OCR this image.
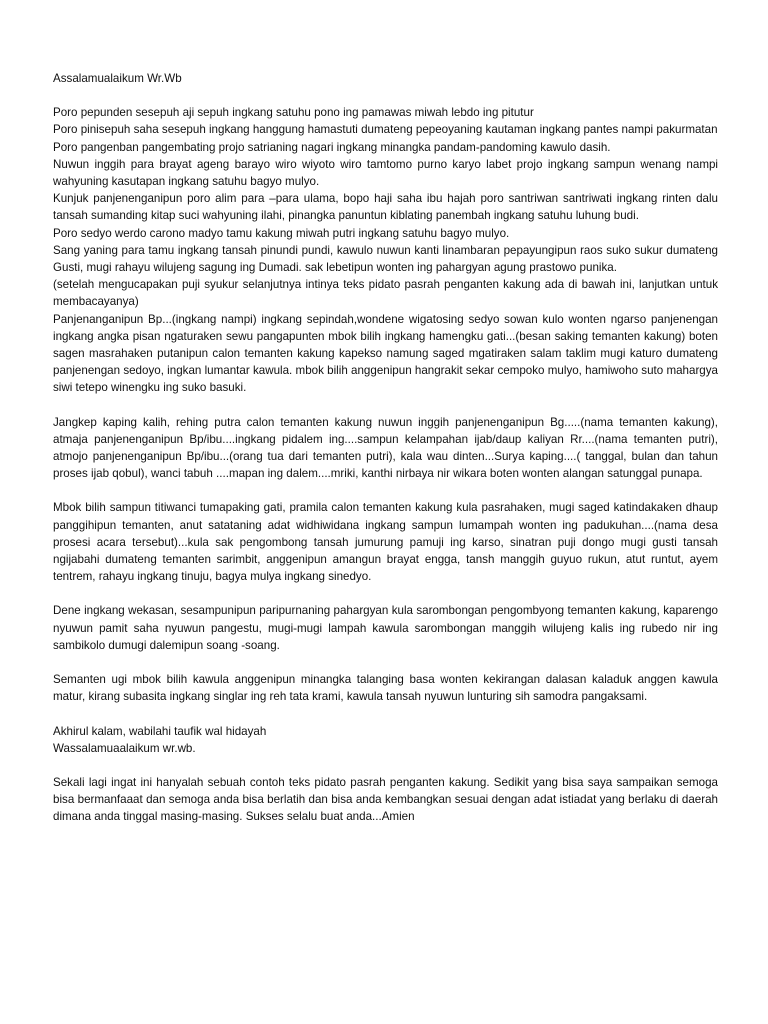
Assalamualaikum Wr.Wb

Poro pepunden sesepuh aji sepuh ingkang satuhu pono ing pamawas miwah lebdo ing pitutur

Poro pinisepuh saha sesepuh ingkang hanggung hamastuti dumateng pepeoyaning kautaman ingkang pantes nampi pakurmatan

Poro pangenban pangembating projo satrianing nagari ingkang minangka pandam-pandoming kawulo dasih.

Nuwun inggih para brayat ageng barayo wiro wiyoto wiro tamtomo purno karyo labet projo ingkang sampun wenang nampi wahyuning kasutapan ingkang satuhu bagyo mulyo.

Kunjuk panjenenganipun poro alim para –para ulama, bopo haji saha ibu hajah poro santriwan santriwati ingkang rinten dalu tansah sumanding kitap suci wahyuning ilahi, pinangka panuntun kiblating panembah ingkang satuhu luhung budi.

Poro sedyo werdo carono madyo tamu kakung miwah putri ingkang satuhu bagyo mulyo.

Sang yaning para tamu ingkang tansah pinundi pundi, kawulo nuwun kanti linambaran pepayungipun raos suko sukur dumateng Gusti, mugi rahayu wilujeng sagung ing Dumadi. sak lebetipun wonten ing pahargyan agung prastowo punika.

(setelah mengucapakan puji syukur selanjutnya intinya teks pidato pasrah penganten kakung ada di bawah ini, lanjutkan untuk membacayanya)

Panjenanganipun Bp...(ingkang nampi) ingkang sepindah,wondene wigatosing sedyo sowan kulo wonten ngarso panjenengan ingkang angka pisan ngaturaken sewu pangapunten mbok bilih ingkang hamengku gati...(besan saking temanten kakung) boten sagen masrahaken putanipun calon temanten kakung kapekso namung saged mgatiraken salam taklim mugi katuro dumateng panjenengan sedoyo, ingkan lumantar kawula. mbok bilih anggenipun hangrakit sekar cempoko mulyo, hamiwoho suto mahargya siwi tetepo winengku ing suko basuki.

Jangkep kaping kalih, rehing putra calon temanten kakung nuwun inggih panjenenganipun Bg.....(nama temanten kakung), atmaja panjenenganipun Bp/ibu....ingkang pidalem ing....sampun kelampahan ijab/daup kaliyan Rr....(nama temanten putri), atmojo panjenenganipun Bp/ibu...(orang tua dari temanten putri), kala wau dinten...Surya kaping....( tanggal, bulan dan tahun proses ijab qobul), wanci tabuh ....mapan ing dalem....mriki, kanthi nirbaya nir wikara boten wonten alangan satunggal punapa.

Mbok bilih sampun titiwanci tumapaking gati, pramila calon temanten kakung kula pasrahaken, mugi saged katindakaken dhaup panggihipun temanten, anut satataning adat widhiwidana ingkang sampun lumampah wonten ing padukuhan....(nama desa prosesi acara tersebut)...kula sak pengombong tansah jumurung pamuji ing karso, sinatran puji dongo mugi gusti tansah ngijabahi dumateng temanten sarimbit, anggenipun amangun brayat engga, tansh manggih guyuo rukun, atut runtut, ayem tentrem, rahayu ingkang tinuju, bagya mulya ingkang sinedyo.

Dene ingkang wekasan, sesampunipun paripurnaning pahargyan kula sarombongan pengombyong temanten kakung, kaparengo nyuwun pamit saha nyuwun pangestu, mugi-mugi lampah kawula sarombongan manggih wilujeng kalis ing rubedo nir ing sambikolo dumugi dalemipun soang -soang.

Semanten ugi mbok bilih kawula anggenipun minangka talanging basa wonten kekirangan dalasan kaladuk anggen kawula matur, kirang subasita ingkang singlar ing reh tata krami, kawula tansah nyuwun lunturing sih samodra pangaksami.

Akhirul kalam, wabilahi taufik wal hidayah

Wassalamuaalaikum wr.wb.

Sekali lagi ingat ini hanyalah sebuah contoh teks pidato pasrah penganten kakung. Sedikit yang bisa saya sampaikan semoga bisa bermanfaaat dan semoga anda bisa berlatih dan bisa anda kembangkan sesuai dengan adat istiadat yang berlaku di daerah dimana anda tinggal masing-masing. Sukses selalu buat anda...Amien
